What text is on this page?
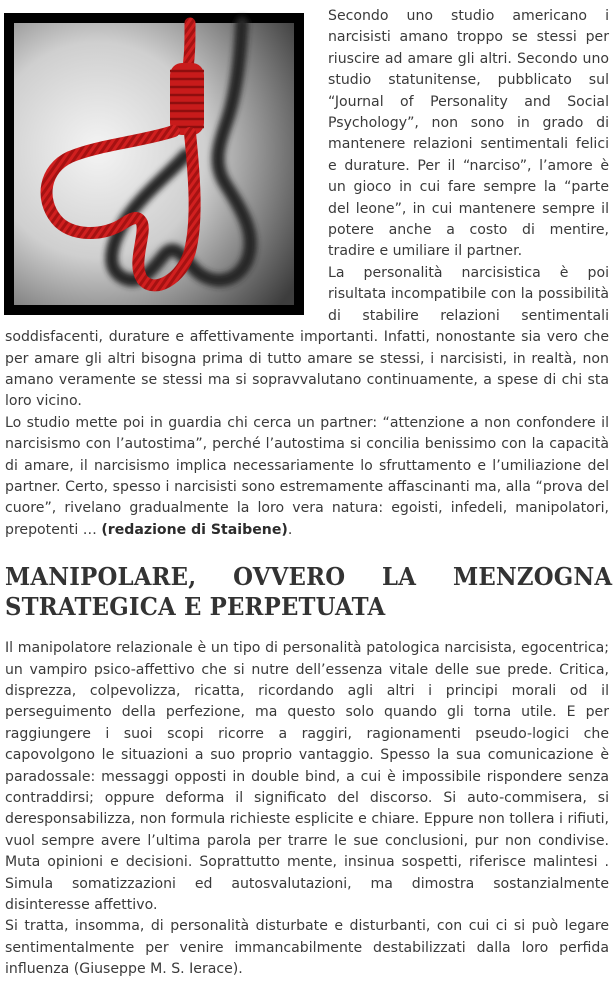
Secondo uno studio americano i narcisisti amano troppo se stessi per riuscire ad amare gli altri. Secondo uno studio statunitense, pubblicato sul “Journal of Personality and Social Psychology”, non sono in grado di mantenere relazioni sentimentali felici e durature. Per il “narciso”, l’amore è un gioco in cui fare sempre la “parte del leone”, in cui mantenere sempre il potere anche a costo di mentire, tradire e umiliare il partner.

La personalità narcisistica è poi risultata incompatibile con la possibilità di stabilire relazioni sentimentali soddisfacenti, durature e affettivamente importanti. Infatti, nonostante sia vero che per amare gli altri bisogna prima di tutto amare se stessi, i narcisisti, in realtà, non amano veramente se stessi ma si sopravvalutano continuamente, a spese di chi sta loro vicino.

Lo studio mette poi in guardia chi cerca un partner: “attenzione a non confondere il narcisismo con l’autostima”, perché l’autostima si concilia benissimo con la capacità di amare, il narcisismo implica necessariamente lo sfruttamento e l’umiliazione del partner. Certo, spesso i narcisisti sono estremamente affascinanti ma, alla “prova del cuore”, rivelano gradualmente la loro vera natura: egoisti, infedeli, manipolatori, prepotenti … (redazione di Staibene).

MANIPOLARE, OVVERO LA MENZOGNA STRATEGICA E PERPETUATA

Il manipolatore relazionale è un tipo di personalità patologica narcisista, egocentrica; un vampiro psico-affettivo che si nutre dell’essenza vitale delle sue prede. Critica, disprezza, colpevolizza, ricatta, ricordando agli altri i principi morali od il perseguimento della perfezione, ma questo solo quando gli torna utile. E per raggiungere i suoi scopi ricorre a raggiri, ragionamenti pseudo-logici che capovolgono le situazioni a suo proprio vantaggio. Spesso la sua comunicazione è paradossale: messaggi opposti in double bind, a cui è impossibile rispondere senza contraddirsi; oppure deforma il significato del discorso. Si auto-commisera, si deresponsabilizza, non formula richieste esplicite e chiare. Eppure non tollera i rifiuti, vuol sempre avere l’ultima parola per trarre le sue conclusioni, pur non condivise. Muta opinioni e decisioni. Soprattutto mente, insinua sospetti, riferisce malintesi . Simula somatizzazioni ed autosvalutazioni, ma dimostra sostanzialmente disinteresse affettivo.

Si tratta, insomma, di personalità disturbate e disturbanti, con cui ci si può legare sentimentalmente per venire immancabilmente destabilizzati dalla loro perfida influenza (Giuseppe M. S. Ierace).
